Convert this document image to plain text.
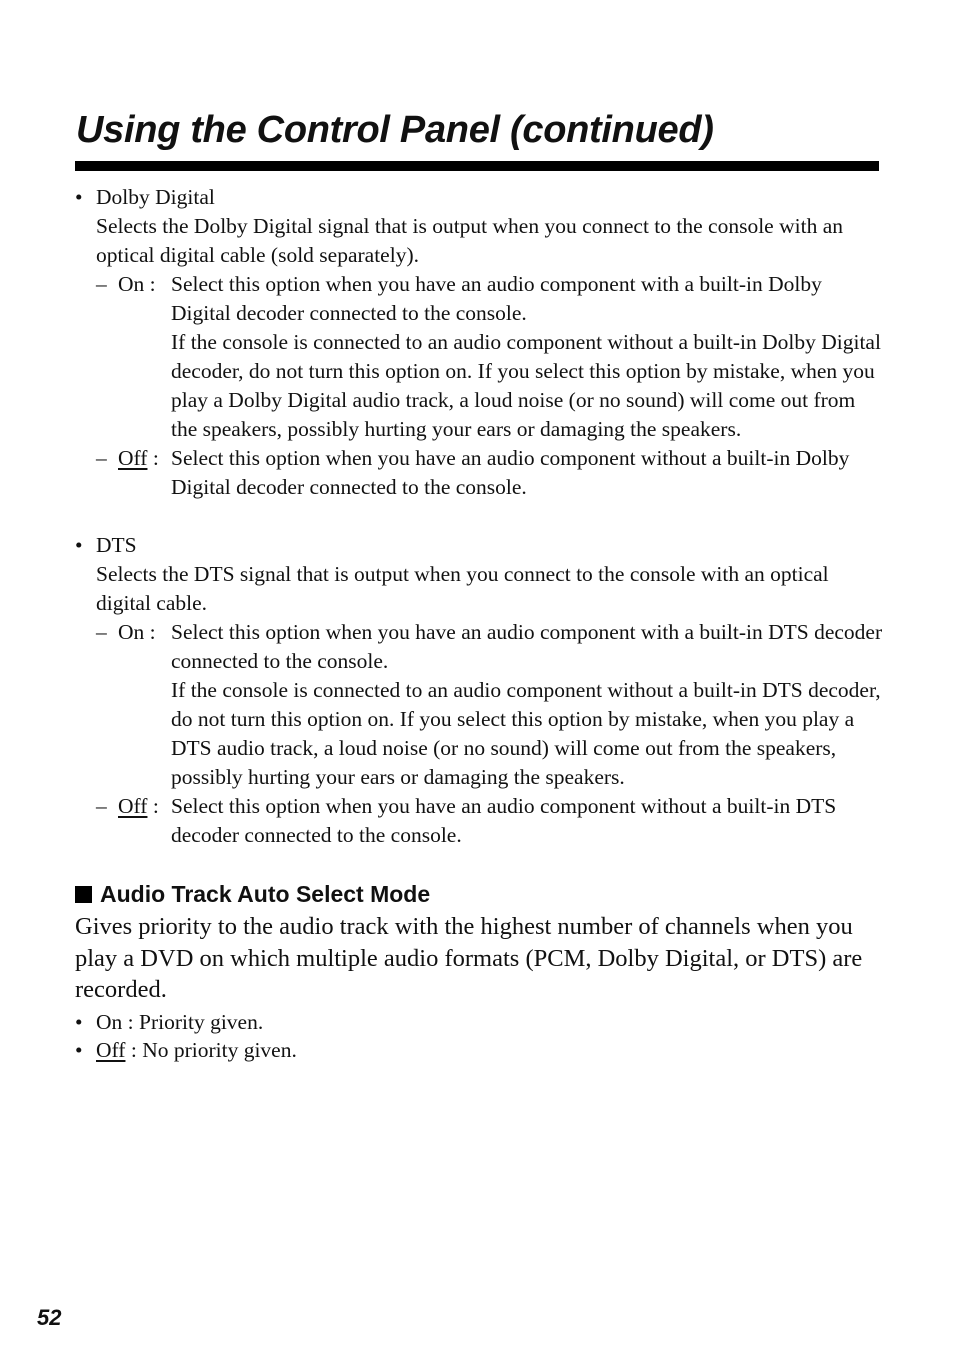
Using the Control Panel (continued)
• Dolby Digital
Selects the Dolby Digital signal that is output when you connect to the console with an optical digital cable (sold separately).
– On : Select this option when you have an audio component with a built-in Dolby Digital decoder connected to the console.
If the console is connected to an audio component without a built-in Dolby Digital decoder, do not turn this option on. If you select this option by mistake, when you play a Dolby Digital audio track, a loud noise (or no sound) will come out from the speakers, possibly hurting your ears or damaging the speakers.
– Off : Select this option when you have an audio component without a built-in Dolby Digital decoder connected to the console.
• DTS
Selects the DTS signal that is output when you connect to the console with an optical digital cable.
– On : Select this option when you have an audio component with a built-in DTS decoder connected to the console.
If the console is connected to an audio component without a built-in DTS decoder, do not turn this option on. If you select this option by mistake, when you play a DTS audio track, a loud noise (or no sound) will come out from the speakers, possibly hurting your ears or damaging the speakers.
– Off : Select this option when you have an audio component without a built-in DTS decoder connected to the console.
Audio Track Auto Select Mode
Gives priority to the audio track with the highest number of channels when you play a DVD on which multiple audio formats (PCM, Dolby Digital, or DTS) are recorded.
• On : Priority given.
• Off : No priority given.
52
